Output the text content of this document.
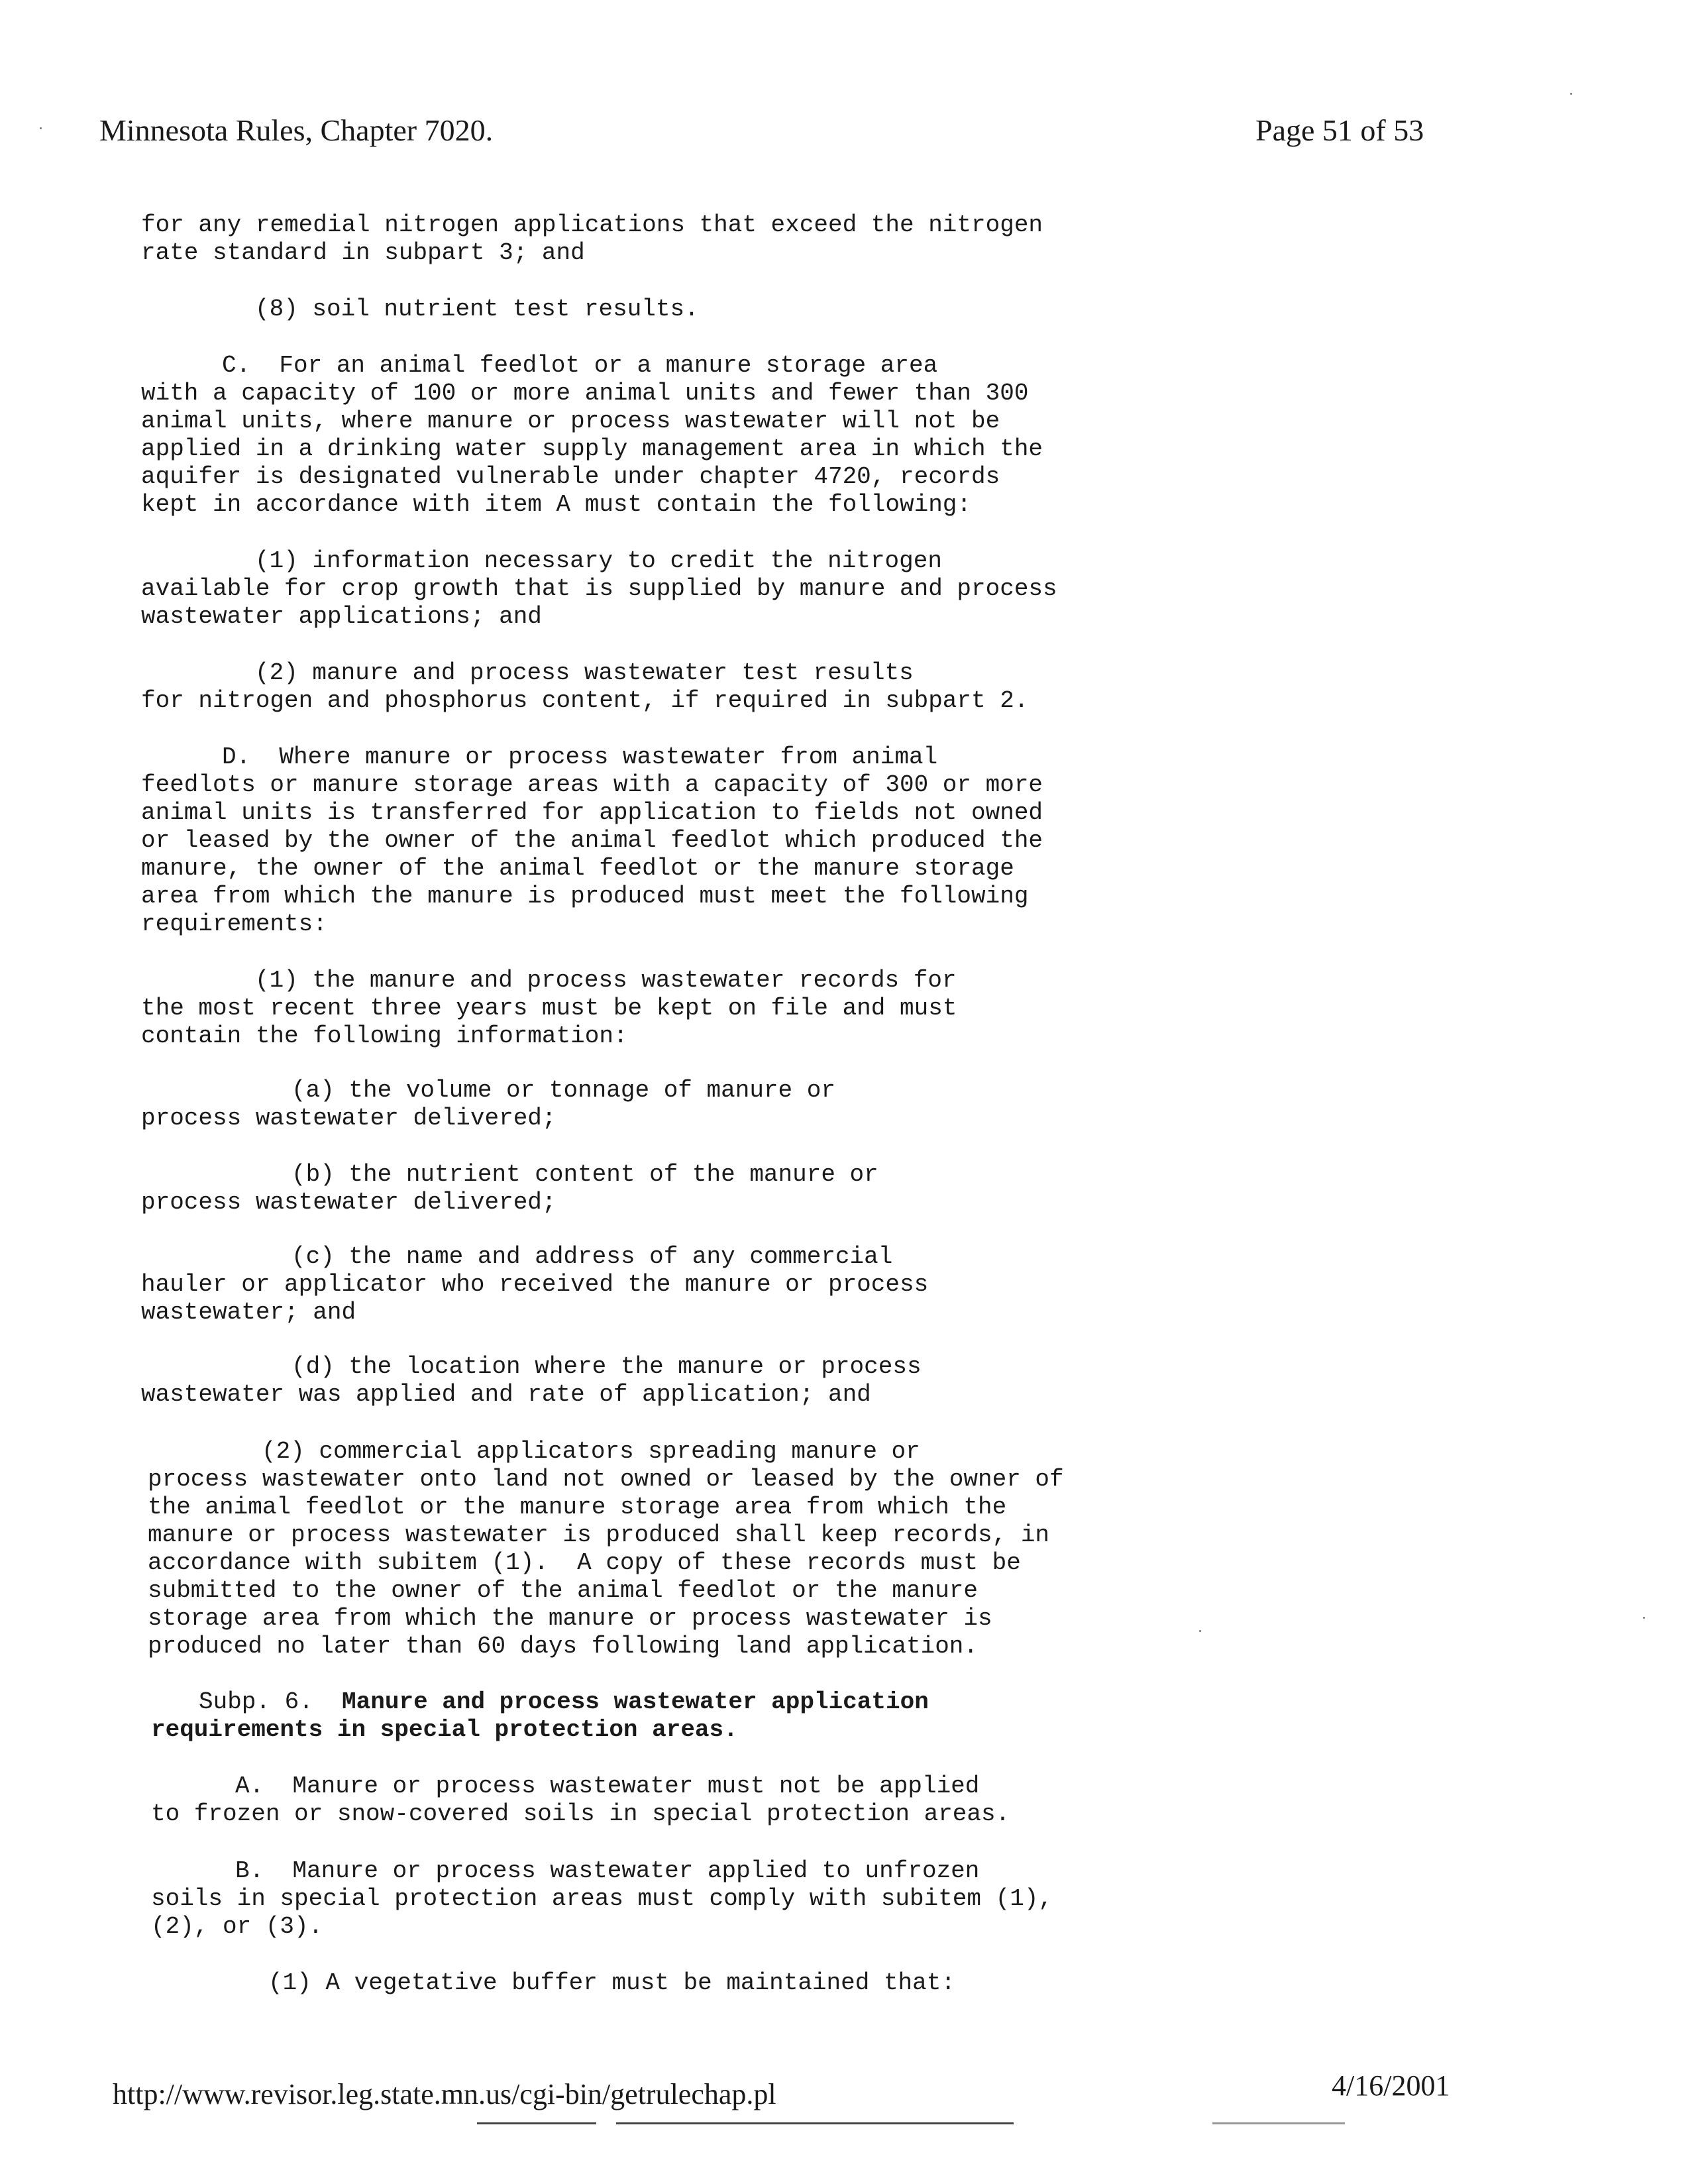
Minnesota Rules, Chapter 7020.	Page 51 of 53
for any remedial nitrogen applications that exceed the nitrogen
rate standard in subpart 3; and
(8) soil nutrient test results.
C.  For an animal feedlot or a manure storage area
with a capacity of 100 or more animal units and fewer than 300
animal units, where manure or process wastewater will not be
applied in a drinking water supply management area in which the
aquifer is designated vulnerable under chapter 4720, records
kept in accordance with item A must contain the following:
(1) information necessary to credit the nitrogen
available for crop growth that is supplied by manure and process
wastewater applications; and
(2) manure and process wastewater test results
for nitrogen and phosphorus content, if required in subpart 2.
D.  Where manure or process wastewater from animal
feedlots or manure storage areas with a capacity of 300 or more
animal units is transferred for application to fields not owned
or leased by the owner of the animal feedlot which produced the
manure, the owner of the animal feedlot or the manure storage
area from which the manure is produced must meet the following
requirements:
(1) the manure and process wastewater records for
the most recent three years must be kept on file and must
contain the following information:
(a) the volume or tonnage of manure or
process wastewater delivered;
(b) the nutrient content of the manure or
process wastewater delivered;
(c) the name and address of any commercial
hauler or applicator who received the manure or process
wastewater; and
(d) the location where the manure or process
wastewater was applied and rate of application; and
(2) commercial applicators spreading manure or
process wastewater onto land not owned or leased by the owner of
the animal feedlot or the manure storage area from which the
manure or process wastewater is produced shall keep records, in
accordance with subitem (1).  A copy of these records must be
submitted to the owner of the animal feedlot or the manure
storage area from which the manure or process wastewater is
produced no later than 60 days following land application.
Subp. 6. Manure and process wastewater application
requirements in special protection areas.
A.  Manure or process wastewater must not be applied
to frozen or snow-covered soils in special protection areas.
B.  Manure or process wastewater applied to unfrozen
soils in special protection areas must comply with subitem (1),
(2), or (3).
(1) A vegetative buffer must be maintained that:
http://www.revisor.leg.state.mn.us/cgi-bin/getrulechap.pl	4/16/2001
